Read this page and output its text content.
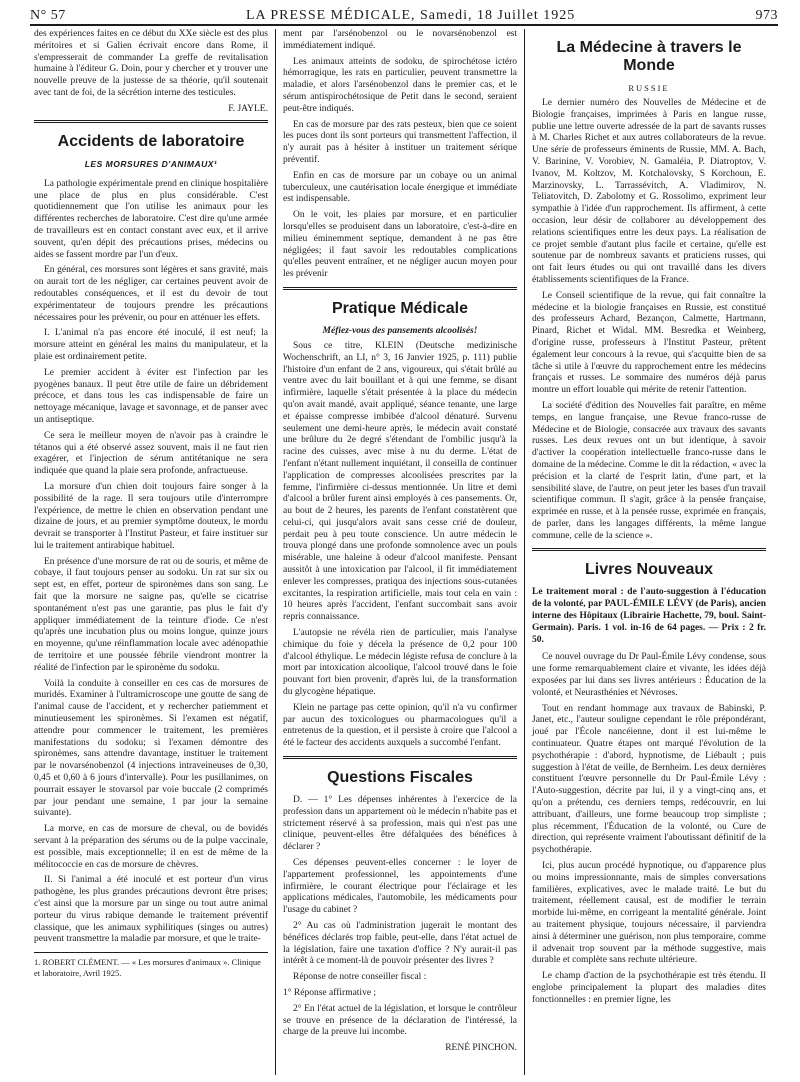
N° 57	LA PRESSE MÉDICALE, Samedi, 18 Juillet 1925	973

des expériences faites en ce début du XXe siècle est des plus méritoires et si Galien écrivait encore dans Rome, il s'empresserait de commander La greffe de revitalisation humaine à l'éditeur G. Doin, pour y chercher et y trouver une nouvelle preuve de la justesse de sa théorie, qu'il soutenait avec tant de foi, de la sécrétion interne des testicules.

F. JAYLE.
Accidents de laboratoire
LES MORSURES D'ANIMAUX¹

La pathologie expérimentale prend en clinique hospitalière une place de plus en plus considérable. C'est quotidiennement que l'on utilise les animaux pour les différentes recherches de laboratoire. C'est dire qu'une armée de travailleurs est en contact constant avec eux, et il arrive souvent, qu'en dépit des précautions prises, médecins ou aides se fassent mordre par l'un d'eux.

En général, ces morsures sont légères et sans gravité, mais on aurait tort de les négliger, car certaines peuvent avoir de redoutables conséquences, et il est du devoir de tout expérimentateur de toujours prendre les précautions nécessaires pour les prévenir, ou pour en atténuer les effets.

I. L'animal n'a pas encore été inoculé, il est neuf; la morsure atteint en général les mains du manipulateur, et la plaie est ordinairement petite.

Le premier accident à éviter est l'infection par les pyogènes banaux. Il peut être utile de faire un débridement précoce, et dans tous les cas indispensable de faire un nettoyage mécanique, lavage et savonnage, et de panser avec un antiseptique.

Ce sera le meilleur moyen de n'avoir pas à craindre le tétanos qui a été observé assez souvent, mais il ne faut rien exagérer, et l'injection de sérum antitétanique ne sera indiquée que quand la plaie sera profonde, anfractueuse.

La morsure d'un chien doit toujours faire songer à la possibilité de la rage. Il sera toujours utile d'interrompre l'expérience, de mettre le chien en observation pendant une dizaine de jours, et au premier symptôme douteux, le mordu devrait se transporter à l'Institut Pasteur, et faire instituer sur lui le traitement antirabique habituel.

En présence d'une morsure de rat ou de souris, et même de cobaye, il faut toujours penser au sodoku. Un rat sur six ou sept est, en effet, porteur de spironèmes dans son sang. Le fait que la morsure ne saigne pas, qu'elle se cicatrise spontanément n'est pas une garantie, pas plus le fait d'y appliquer immédiatement de la teinture d'iode. Ce n'est qu'après une incubation plus ou moins longue, quinze jours en moyenne, qu'une réinflammation locale avec adénopathie de territoire et une poussée fébrile viendront montrer la réalité de l'infection par le spironème du sodoku.

Voilà la conduite à conseiller en ces cas de morsures de muridés. Examiner à l'ultramicroscope une goutte de sang de l'animal cause de l'accident, et y rechercher patiemment et minutieusement les spironèmes. Si l'examen est négatif, attendre pour commencer le traitement, les premières manifestations du sodoku; si l'examen démontre des spironèmes, sans attendre davantage, instituer le traitement par le novarsénobenzol (4 injections intraveineuses de 0,30, 0,45 et 0,60 à 6 jours d'intervalle). Pour les pusillanimes, on pourrait essayer le stovarsol par voie buccale (2 comprimés par jour pendant une semaine, 1 par jour la semaine suivante).

La morve, en cas de morsure de cheval, ou de bovidés servant à la préparation des sérums ou de la pulpe vaccinale, est possible, mais exceptionnelle; il en est de même de la mélitococcie en cas de morsure de chèvres.

II. Si l'animal a été inoculé et est porteur d'un virus pathogène, les plus grandes précautions devront être prises; c'est ainsi que la morsure par un singe ou tout autre animal porteur du virus rabique demande le traitement préventif classique, que les animaux syphilitiques (singes ou autres) peuvent transmettre la maladie par morsure, et que le traite-

1. ROBERT CLÉMENT. — « Les morsures d'animaux ». Clinique et laboratoire, Avril 1925.

ment par l'arsénobenzol ou le novarsénobenzol est immédiatement indiqué.

Les animaux atteints de sodoku, de spirochétose ictéro hémorragique, les rats en particulier, peuvent transmettre la maladie, et alors l'arsénobenzol dans le premier cas, et le sérum antispirochétosique de Petit dans le second, seraient peut-être indiqués.

En cas de morsure par des rats pesteux, bien que ce soient les puces dont ils sont porteurs qui transmettent l'affection, il n'y aurait pas à hésiter à instituer un traitement sérique préventif.

Enfin en cas de morsure par un cobaye ou un animal tuberculeux, une cautérisation locale énergique et immédiate est indispensable.

On le voit, les plaies par morsure, et en particulier lorsqu'elles se produisent dans un laboratoire, c'est-à-dire en milieu éminemment septique, demandent à ne pas être négligées; il faut savoir les redoutables complications qu'elles peuvent entraîner, et ne négliger aucun moyen pour les prévenir

Pratique Médicale
Méfiez-vous des pansements alcoolisés!

Sous ce titre, KLEIN (Deutsche medizinische Wochenschrift, an LI, n° 3, 16 Janvier 1925, p. 111) publie l'histoire d'un enfant de 2 ans, vigoureux, qui s'était brûlé au ventre avec du lait bouillant et à qui une femme, se disant infirmière, laquelle s'était présentée à la place du médecin qu'on avait mandé, avait appliqué, séance tenante, une large et épaisse compresse imbibée d'alcool dénaturé. Survenu seulement une demi-heure après, le médecin avait constaté une brûlure du 2e degré s'étendant de l'ombilic jusqu'à la racine des cuisses, avec mise à nu du derme. L'état de l'enfant n'étant nullement inquiétant, il conseilla de continuer l'application de compresses alcoolisées prescrites par la femme, l'infirmière ci-dessus mentionnée. Un litre et demi d'alcool a brûler furent ainsi employés à ces pansements. Or, au bout de 2 heures, les parents de l'enfant constatèrent que celui-ci, qui jusqu'alors avait sans cesse crié de douleur, perdait peu à peu toute conscience. Un autre médecin le trouva plongé dans une profonde somnolence avec un pouls misérable, une haleine à odeur d'alcool manifeste. Pensant aussitôt à une intoxication par l'alcool, il fit immédiatement enlever les compresses, pratiqua des injections sous-cutanées excitantes, la respiration artificielle, mais tout cela en vain : 10 heures après l'accident, l'enfant succombait sans avoir repris connaissance.

L'autopsie ne révéla rien de particulier, mais l'analyse chimique du foie y décela la présence de 0,2 pour 100 d'alcool éthylique. Le médecin légiste refusa de conclure à la mort par intoxication alcoolique, l'alcool trouvé dans le foie pouvant fort bien provenir, d'après lui, de la transformation du glycogène hépatique.

Klein ne partage pas cette opinion, qu'il n'a vu confirmer par aucun des toxicologues ou pharmacologues qu'il a entretenus de la question, et il persiste à croire que l'alcool a été le facteur des accidents auxquels a succombé l'enfant.

Questions Fiscales

D. — 1° Les dépenses inhérentes à l'exercice de la profession dans un appartement où le médecin n'habite pas et strictement réservé à sa profession, mais qui n'est pas une clinique, peuvent-elles être défalquées des bénéfices à déclarer ?

Ces dépenses peuvent-elles concerner : le loyer de l'appartement professionnel, les appointements d'une infirmière, le courant électrique pour l'éclairage et les applications médicales, l'automobile, les médicaments pour l'usage du cabinet ?

2° Au cas où l'administration jugerait le montant des bénéfices déclarés trop faible, peut-elle, dans l'état actuel de la législation, faire une taxation d'office ? N'y aurait-il pas intérêt à ce moment-là de pouvoir présenter des livres ?

Réponse de notre conseiller fiscal :

1° Réponse affirmative ;

2° En l'état actuel de la législation, et lorsque le contrôleur se trouve en présence de la déclaration de l'intéressé, la charge de la preuve lui incombe.

RENÉ PINCHON.
La Médecine à travers le Monde
RUSSIE

Le dernier numéro des Nouvelles de Médecine et de Biologie françaises, imprimées à Paris en langue russe, publie une lettre ouverte adressée de la part de savants russes à M. Charles Richet et aux autres collaborateurs de la revue. Une série de professeurs éminents de Russie, MM. A. Bach, V. Barinine, V. Vorobiev, N. Gamaléia, P. Diatroptov, V. Ivanov, M. Koltzov, M. Kotchalovsky, S Korchoun, E. Marzinovsky, L. Tarrassévitch, A. Vladimirov, N. Teliatovitch, D. Zabolotny et G. Rossolimo, expriment leur sympathie à l'idée d'un rapprochement. Ils affirment, à cette occasion, leur désir de collaborer au développement des relations scientifiques entre les deux pays. La réalisation de ce projet semble d'autant plus facile et certaine, qu'elle est soutenue par de nombreux savants et praticiens russes, qui ont fait leurs études ou qui ont travaillé dans les divers établissements scientifiques de la France.

Le Conseil scientifique de la revue, qui fait connaître la médecine et la biologie françaises en Russie, est constitué des professeurs Achard, Bezançon, Calmette, Hartmann, Pinard, Richet et Widal. MM. Besredka et Weinberg, d'origine russe, professeurs à l'Institut Pasteur, prêtent également leur concours à la revue, qui s'acquitte bien de sa tâche si utile à l'œuvre du rapprochement entre les médecins français et russes. Le sommaire des numéros déjà parus montre un effort louable qui mérite de retenir l'attention.

La société d'édition des Nouvelles fait paraître, en même temps, en langue française, une Revue franco-russe de Médecine et de Biologie, consacrée aux travaux des savants russes. Les deux revues ont un but identique, à savoir d'activer la coopération intellectuelle franco-russe dans le domaine de la médecine. Comme le dit la rédaction, « avec la précision et la clarté de l'esprit latin, d'une part, et la sensibilité slave, de l'autre, on peut jeter les bases d'un travail scientifique commun. Il s'agit, grâce à la pensée française, exprimée en russe, et à la pensée russe, exprimée en français, de parler, dans les langages différents, la même langue commune, celle de la science ».

Livres Nouveaux
Le traitement moral : de l'auto-suggestion à l'éducation de la volonté, par PAUL-ÉMILE LÉVY (de Paris), ancien interne des Hôpitaux (Librairie Hachette, 79, boul. Saint-Germain). Paris. 1 vol. in-16 de 64 pages. — Prix : 2 fr. 50.

Ce nouvel ouvrage du Dr Paul-Émile Lévy condense, sous une forme remarquablement claire et vivante, les idées déjà exposées par lui dans ses livres antérieurs : Éducation de la volonté, et Neurasthénies et Névroses.

Tout en rendant hommage aux travaux de Babinski, P. Janet, etc., l'auteur souligne cependant le rôle prépondérant, joué par l'École nancéienne, dont il est lui-même le continuateur. Quatre étapes ont marqué l'évolution de la psychothérapie : d'abord, hypnotisme, de Liébault ; puis suggestion à l'état de veille, de Bernheim. Les deux dernières constituent l'œuvre personnelle du Dr Paul-Émile Lévy : l'Auto-suggestion, décrite par lui, il y a vingt-cinq ans, et qu'on a prétendu, ces derniers temps, redécouvrir, en lui attribuant, d'ailleurs, une forme beaucoup trop simpliste ; plus récemment, l'Éducation de la volonté, ou Cure de direction, qui représente vraiment l'aboutissant définitif de la psychothérapie.

Ici, plus aucun procédé hypnotique, ou d'apparence plus ou moins impressionnante, mais de simples conversations familières, explicatives, avec le malade traité. Le but du traitement, réellement causal, est de modifier le terrain morbide lui-même, en corrigeant la mentalité générale. Joint au traitement physique, toujours nécessaire, il parviendra ainsi à déterminer une guérison, non plus temporaire, comme il advenait trop souvent par la méthode suggestive, mais durable et complète sans rechute ultérieure.

Le champ d'action de la psychothérapie est très étendu. Il englobe principalement la plupart des maladies dites fonctionnelles : en premier ligne, les
